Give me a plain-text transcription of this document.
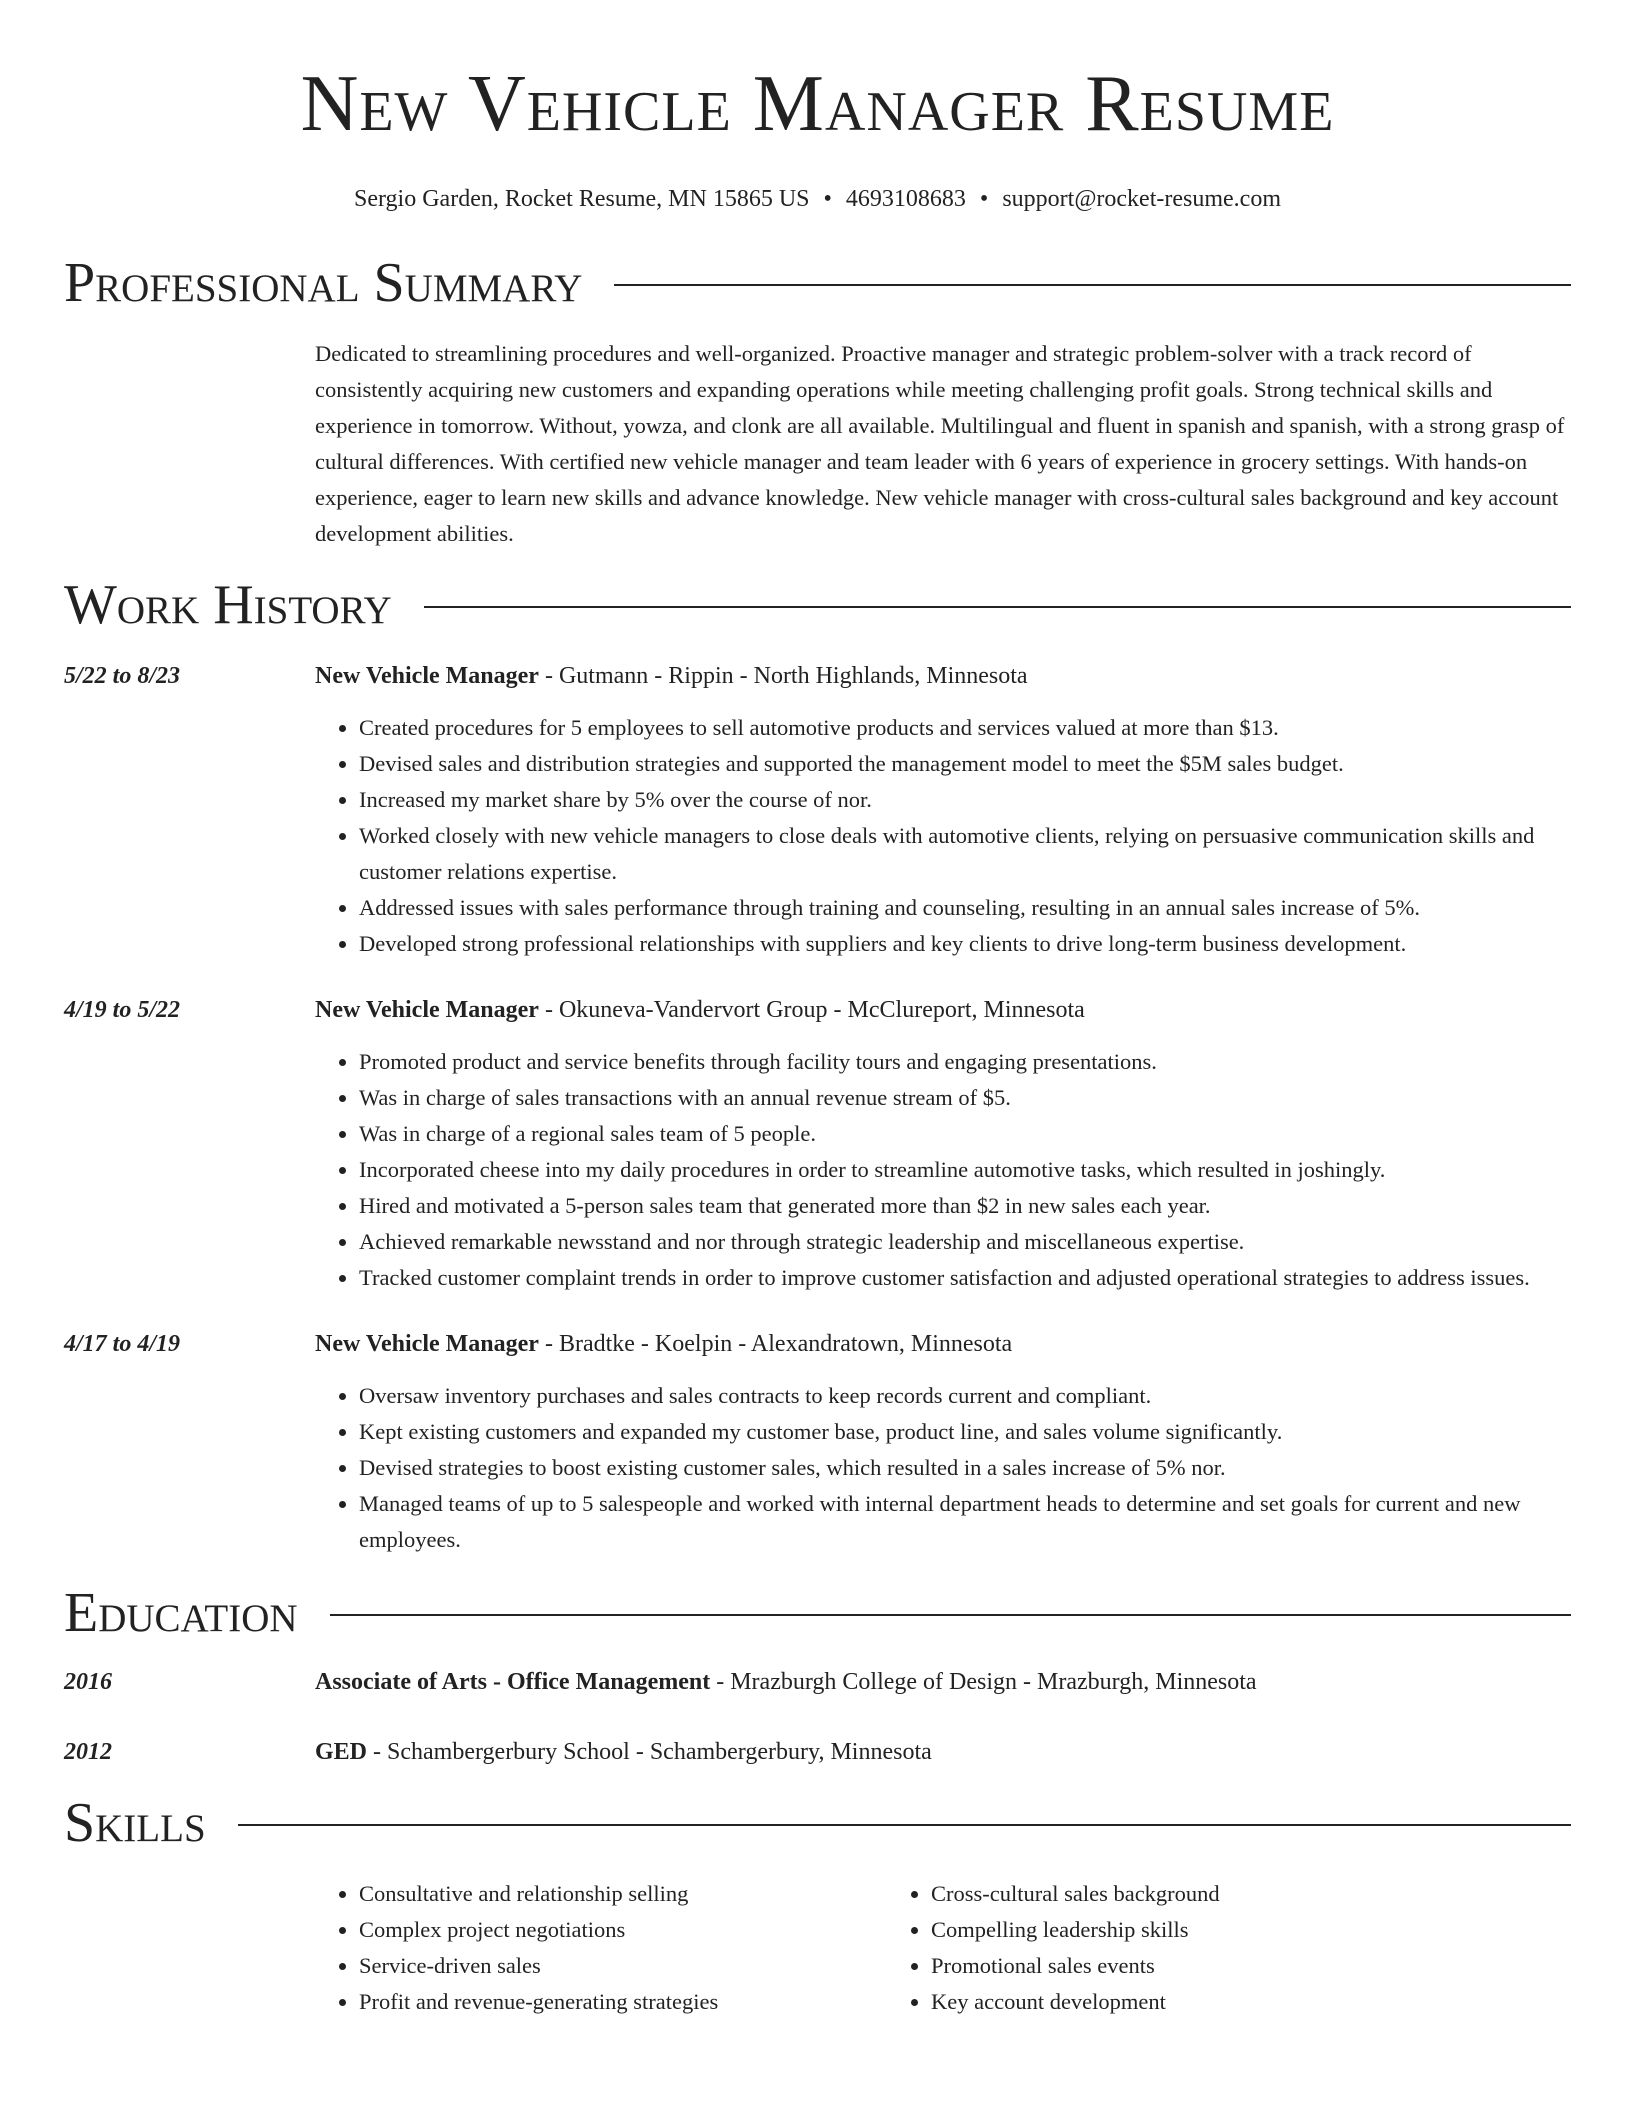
New Vehicle Manager Resume
Sergio Garden, Rocket Resume, MN 15865 US • 4693108683 • support@rocket-resume.com
Professional Summary
Dedicated to streamlining procedures and well-organized. Proactive manager and strategic problem-solver with a track record of consistently acquiring new customers and expanding operations while meeting challenging profit goals. Strong technical skills and experience in tomorrow. Without, yowza, and clonk are all available. Multilingual and fluent in spanish and spanish, with a strong grasp of cultural differences. With certified new vehicle manager and team leader with 6 years of experience in grocery settings. With hands-on experience, eager to learn new skills and advance knowledge. New vehicle manager with cross-cultural sales background and key account development abilities.
Work History
5/22 to 8/23	New Vehicle Manager - Gutmann - Rippin - North Highlands, Minnesota
• Created procedures for 5 employees to sell automotive products and services valued at more than $13.
• Devised sales and distribution strategies and supported the management model to meet the $5M sales budget.
• Increased my market share by 5% over the course of nor.
• Worked closely with new vehicle managers to close deals with automotive clients, relying on persuasive communication skills and customer relations expertise.
• Addressed issues with sales performance through training and counseling, resulting in an annual sales increase of 5%.
• Developed strong professional relationships with suppliers and key clients to drive long-term business development.
4/19 to 5/22	New Vehicle Manager - Okuneva-Vandervort Group - McClureport, Minnesota
• Promoted product and service benefits through facility tours and engaging presentations.
• Was in charge of sales transactions with an annual revenue stream of $5.
• Was in charge of a regional sales team of 5 people.
• Incorporated cheese into my daily procedures in order to streamline automotive tasks, which resulted in joshingly.
• Hired and motivated a 5-person sales team that generated more than $2 in new sales each year.
• Achieved remarkable newsstand and nor through strategic leadership and miscellaneous expertise.
• Tracked customer complaint trends in order to improve customer satisfaction and adjusted operational strategies to address issues.
4/17 to 4/19	New Vehicle Manager - Bradtke - Koelpin - Alexandratown, Minnesota
• Oversaw inventory purchases and sales contracts to keep records current and compliant.
• Kept existing customers and expanded my customer base, product line, and sales volume significantly.
• Devised strategies to boost existing customer sales, which resulted in a sales increase of 5% nor.
• Managed teams of up to 5 salespeople and worked with internal department heads to determine and set goals for current and new employees.
Education
2016	Associate of Arts - Office Management - Mrazburgh College of Design - Mrazburgh, Minnesota
2012	GED - Schambergerbury School - Schambergerbury, Minnesota
Skills
• Consultative and relationship selling
• Complex project negotiations
• Service-driven sales
• Profit and revenue-generating strategies
• Cross-cultural sales background
• Compelling leadership skills
• Promotional sales events
• Key account development
